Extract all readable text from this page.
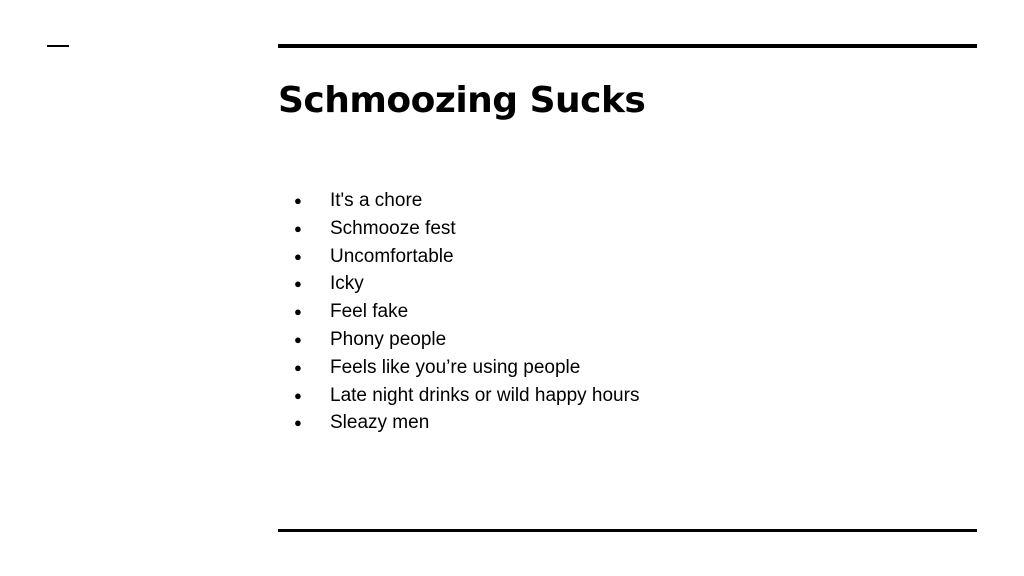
Schmoozing Sucks
● It's a chore
● Schmooze fest
● Uncomfortable
● Icky
● Feel fake
● Phony people
● Feels like you’re using people
● Late night drinks or wild happy hours
● Sleazy men
